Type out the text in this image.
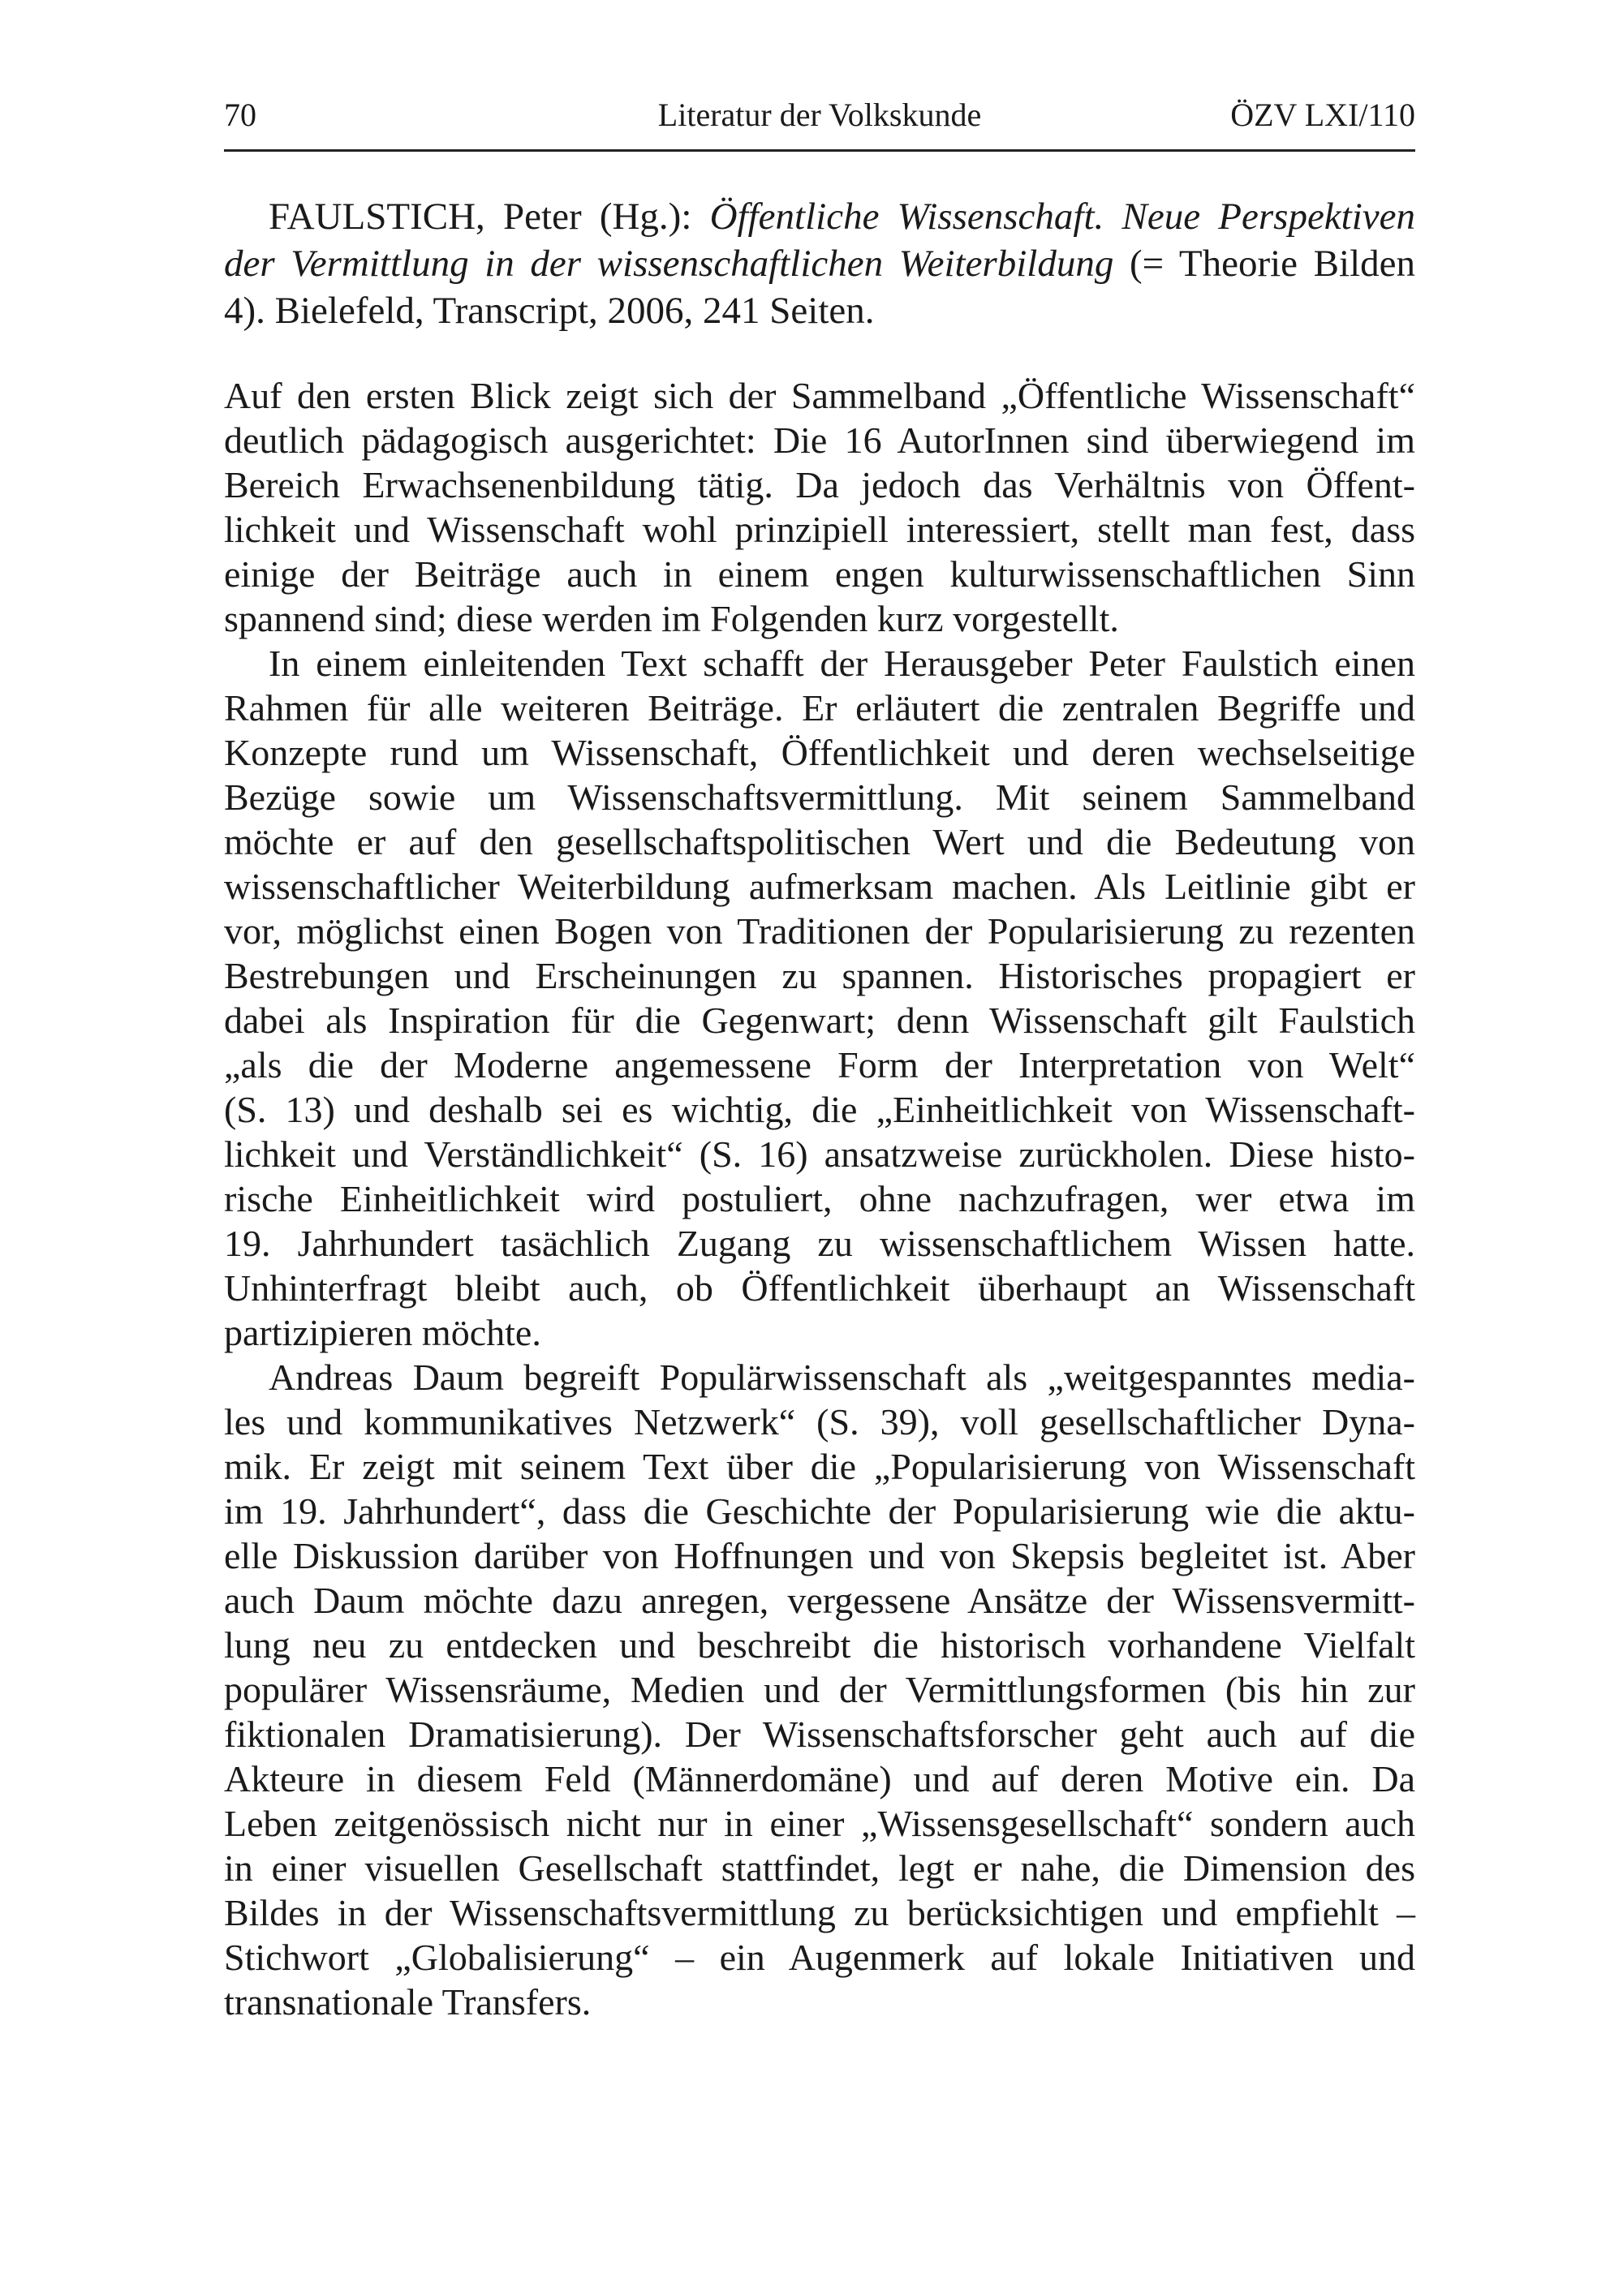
Literatur der Volkskunde
70	ÖZV LXI/110
FAULSTICH, Peter (Hg.): Öffentliche Wissenschaft. Neue Perspektiven
der Vermittlung in der wissenschaftlichen Weiterbildung (= Theorie Bilden
4). Bielefeld, Transcript, 2006, 241 Seiten.
Auf den ersten Blick zeigt sich der Sammelband „Öffentliche Wissenschaft“
deutlich pädagogisch ausgerichtet: Die 16 AutorInnen sind überwiegend im
Bereich Erwachsenenbildung tätig. Da jedoch das Verhältnis von Öffent-
lichkeit und Wissenschaft wohl prinzipiell interessiert, stellt man fest, dass
einige der Beiträge auch in einem engen kulturwissenschaftlichen Sinn
spannend sind; diese werden im Folgenden kurz vorgestellt.
In einem einleitenden Text schafft der Herausgeber Peter Faulstich einen
Rahmen für alle weiteren Beiträge. Er erläutert die zentralen Begriffe und
Konzepte rund um Wissenschaft, Öffentlichkeit und deren wechselseitige
Bezüge sowie um Wissenschaftsvermittlung. Mit seinem Sammelband
möchte er auf den gesellschaftspolitischen Wert und die Bedeutung von
wissenschaftlicher Weiterbildung aufmerksam machen. Als Leitlinie gibt er
vor, möglichst einen Bogen von Traditionen der Popularisierung zu rezenten
Bestrebungen und Erscheinungen zu spannen. Historisches propagiert er
dabei als Inspiration für die Gegenwart; denn Wissenschaft gilt Faulstich
„als die der Moderne angemessene Form der Interpretation von Welt“
(S. 13) und deshalb sei es wichtig, die „Einheitlichkeit von Wissenschaft-
lichkeit und Verständlichkeit“ (S. 16) ansatzweise zurückholen. Diese histo-
rische Einheitlichkeit wird postuliert, ohne nachzufragen, wer etwa im
19. Jahrhundert tasächlich Zugang zu wissenschaftlichem Wissen hatte.
Unhinterfragt bleibt auch, ob Öffentlichkeit überhaupt an Wissenschaft
partizipieren möchte.
Andreas Daum begreift Populärwissenschaft als „weitgespanntes media-
les und kommunikatives Netzwerk“ (S. 39), voll gesellschaftlicher Dyna-
mik. Er zeigt mit seinem Text über die „Popularisierung von Wissenschaft
im 19. Jahrhundert“, dass die Geschichte der Popularisierung wie die aktu-
elle Diskussion darüber von Hoffnungen und von Skepsis begleitet ist. Aber
auch Daum möchte dazu anregen, vergessene Ansätze der Wissensvermitt-
lung neu zu entdecken und beschreibt die historisch vorhandene Vielfalt
populärer Wissensräume, Medien und der Vermittlungsformen (bis hin zur
fiktionalen Dramatisierung). Der Wissenschaftsforscher geht auch auf die
Akteure in diesem Feld (Männerdomäne) und auf deren Motive ein. Da
Leben zeitgenössisch nicht nur in einer „Wissensgesellschaft“ sondern auch
in einer visuellen Gesellschaft stattfindet, legt er nahe, die Dimension des
Bildes in der Wissenschaftsvermittlung zu berücksichtigen und empfiehlt –
Stichwort „Globalisierung“ – ein Augenmerk auf lokale Initiativen und
transnationale Transfers.
